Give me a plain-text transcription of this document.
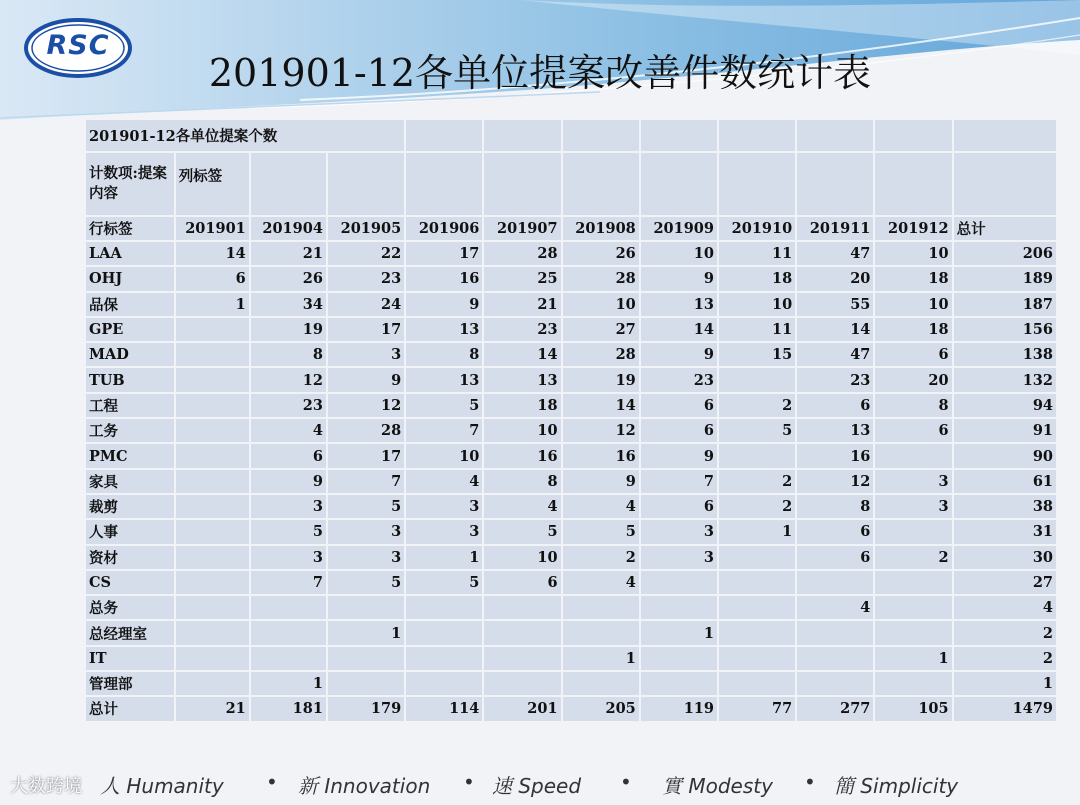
RSC
201901-12各单位提案改善件数统计表
201901-12各单位提案个数											
计数项:提案内容	列标签										
行标签	201901	201904	201905	201906	201907	201908	201909	201910	201911	201912	总计
LAA	14	21	22	17	28	26	10	11	47	10	206
OHJ	6	26	23	16	25	28	9	18	20	18	189
品保	1	34	24	9	21	10	13	10	55	10	187
GPE		19	17	13	23	27	14	11	14	18	156
MAD		8	3	8	14	28	9	15	47	6	138
TUB		12	9	13	13	19	23		23	20	132
工程		23	12	5	18	14	6	2	6	8	94
工务		4	28	7	10	12	6	5	13	6	91
PMC		6	17	10	16	16	9		16		90
家具		9	7	4	8	9	7	2	12	3	61
裁剪		3	5	3	4	4	6	2	8	3	38
人事		5	3	3	5	5	3	1	6		31
资材		3	3	1	10	2	3		6	2	30
CS		7	5	5	6	4					27
总务									4		4
总经理室			1				1				2
IT						1				1	2
管理部		1									1
总计	21	181	179	114	201	205	119	77	277	105	1479
人 Humanity • 新 Innovation • 速 Speed • 實 Modesty • 簡 Simplicity
大数跨境
